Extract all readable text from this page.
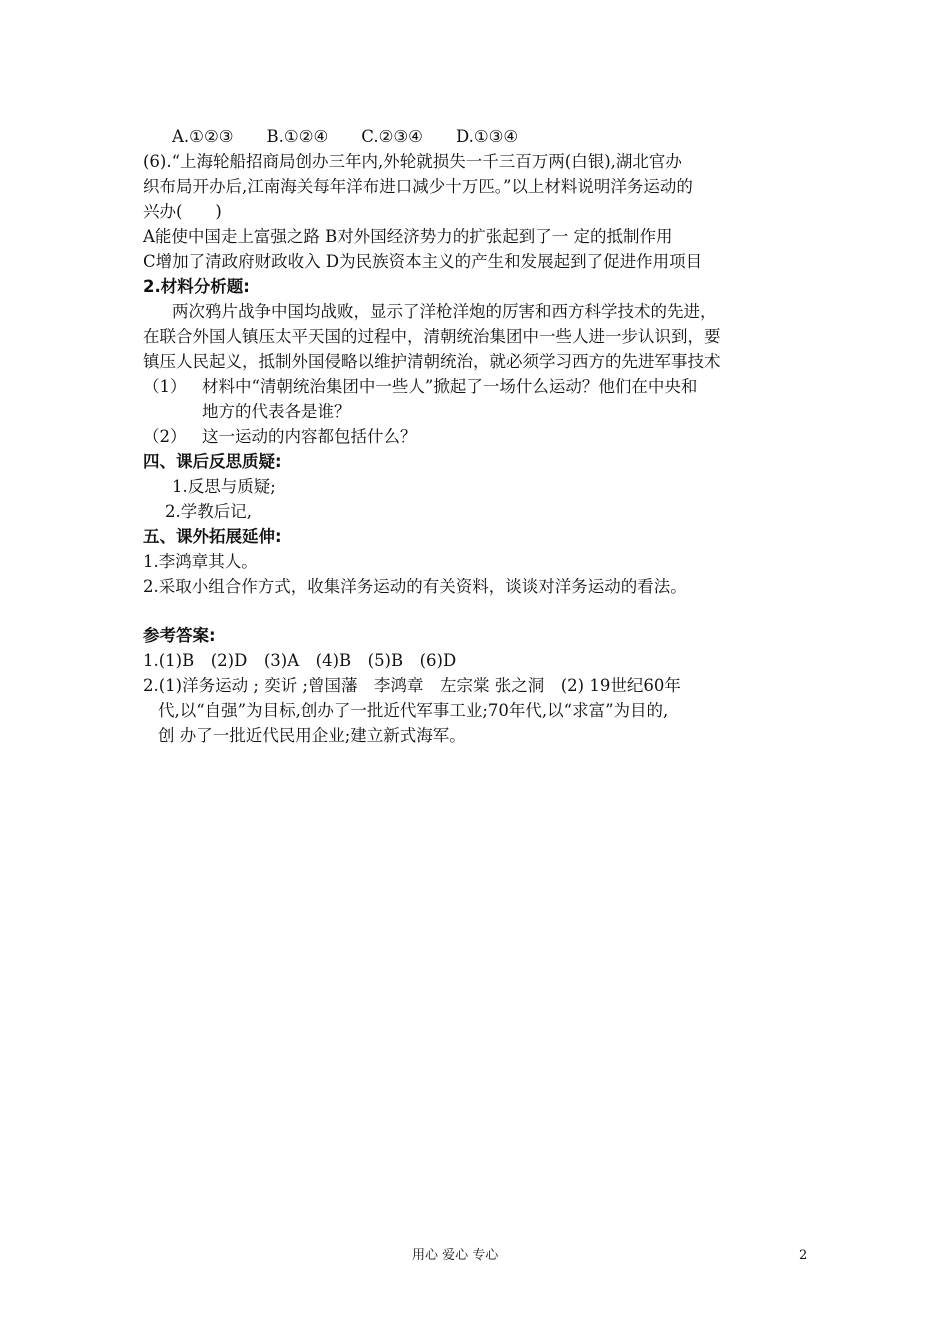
A.①②③　　B.①②④　　C.②③④　　D.①③④
(6).“上海轮船招商局创办三年内,外轮就损失一千三百万两(白银),湖北官办
织布局开办后,江南海关每年洋布进口减少十万匹。”以上材料说明洋务运动的
兴办(　　)
A能使中国走上富强之路 B对外国经济势力的扩张起到了一 定的抵制作用
C增加了清政府财政收入 D为民族资本主义的产生和发展起到了促进作用项目
2.材料分析题:
两次鸦片战争中国均战败，显示了洋枪洋炮的厉害和西方科学技术的先进，
在联合外国人镇压太平天国的过程中，清朝统治集团中一些人进一步认识到，要
镇压人民起义，抵制外国侵略以维护清朝统治，就必须学习西方的先进军事技术
（1） 材料中“清朝统治集团中一些人”掀起了一场什么运动？他们在中央和
地方的代表各是谁？
（2） 这一运动的内容都包括什么？
四、课后反思质疑:
1.反思与质疑;
2.学教后记,
五、课外拓展延伸:
1.李鸿章其人。
2.采取小组合作方式，收集洋务运动的有关资料，谈谈对洋务运动的看法。
参考答案:
1.(1)B　(2)D　(3)A　(4)B　(5)B　(6)D
2.(1)洋务运动 ; 奕䜣 ;曾国藩　李鸿章　左宗棠 张之洞　(2) 19世纪60年
代,以“自强”为目标,创办了一批近代军事工业;70年代,以“求富”为目的,
创 办了一批近代民用企业;建立新式海军。
用心 爱心 专心	2
